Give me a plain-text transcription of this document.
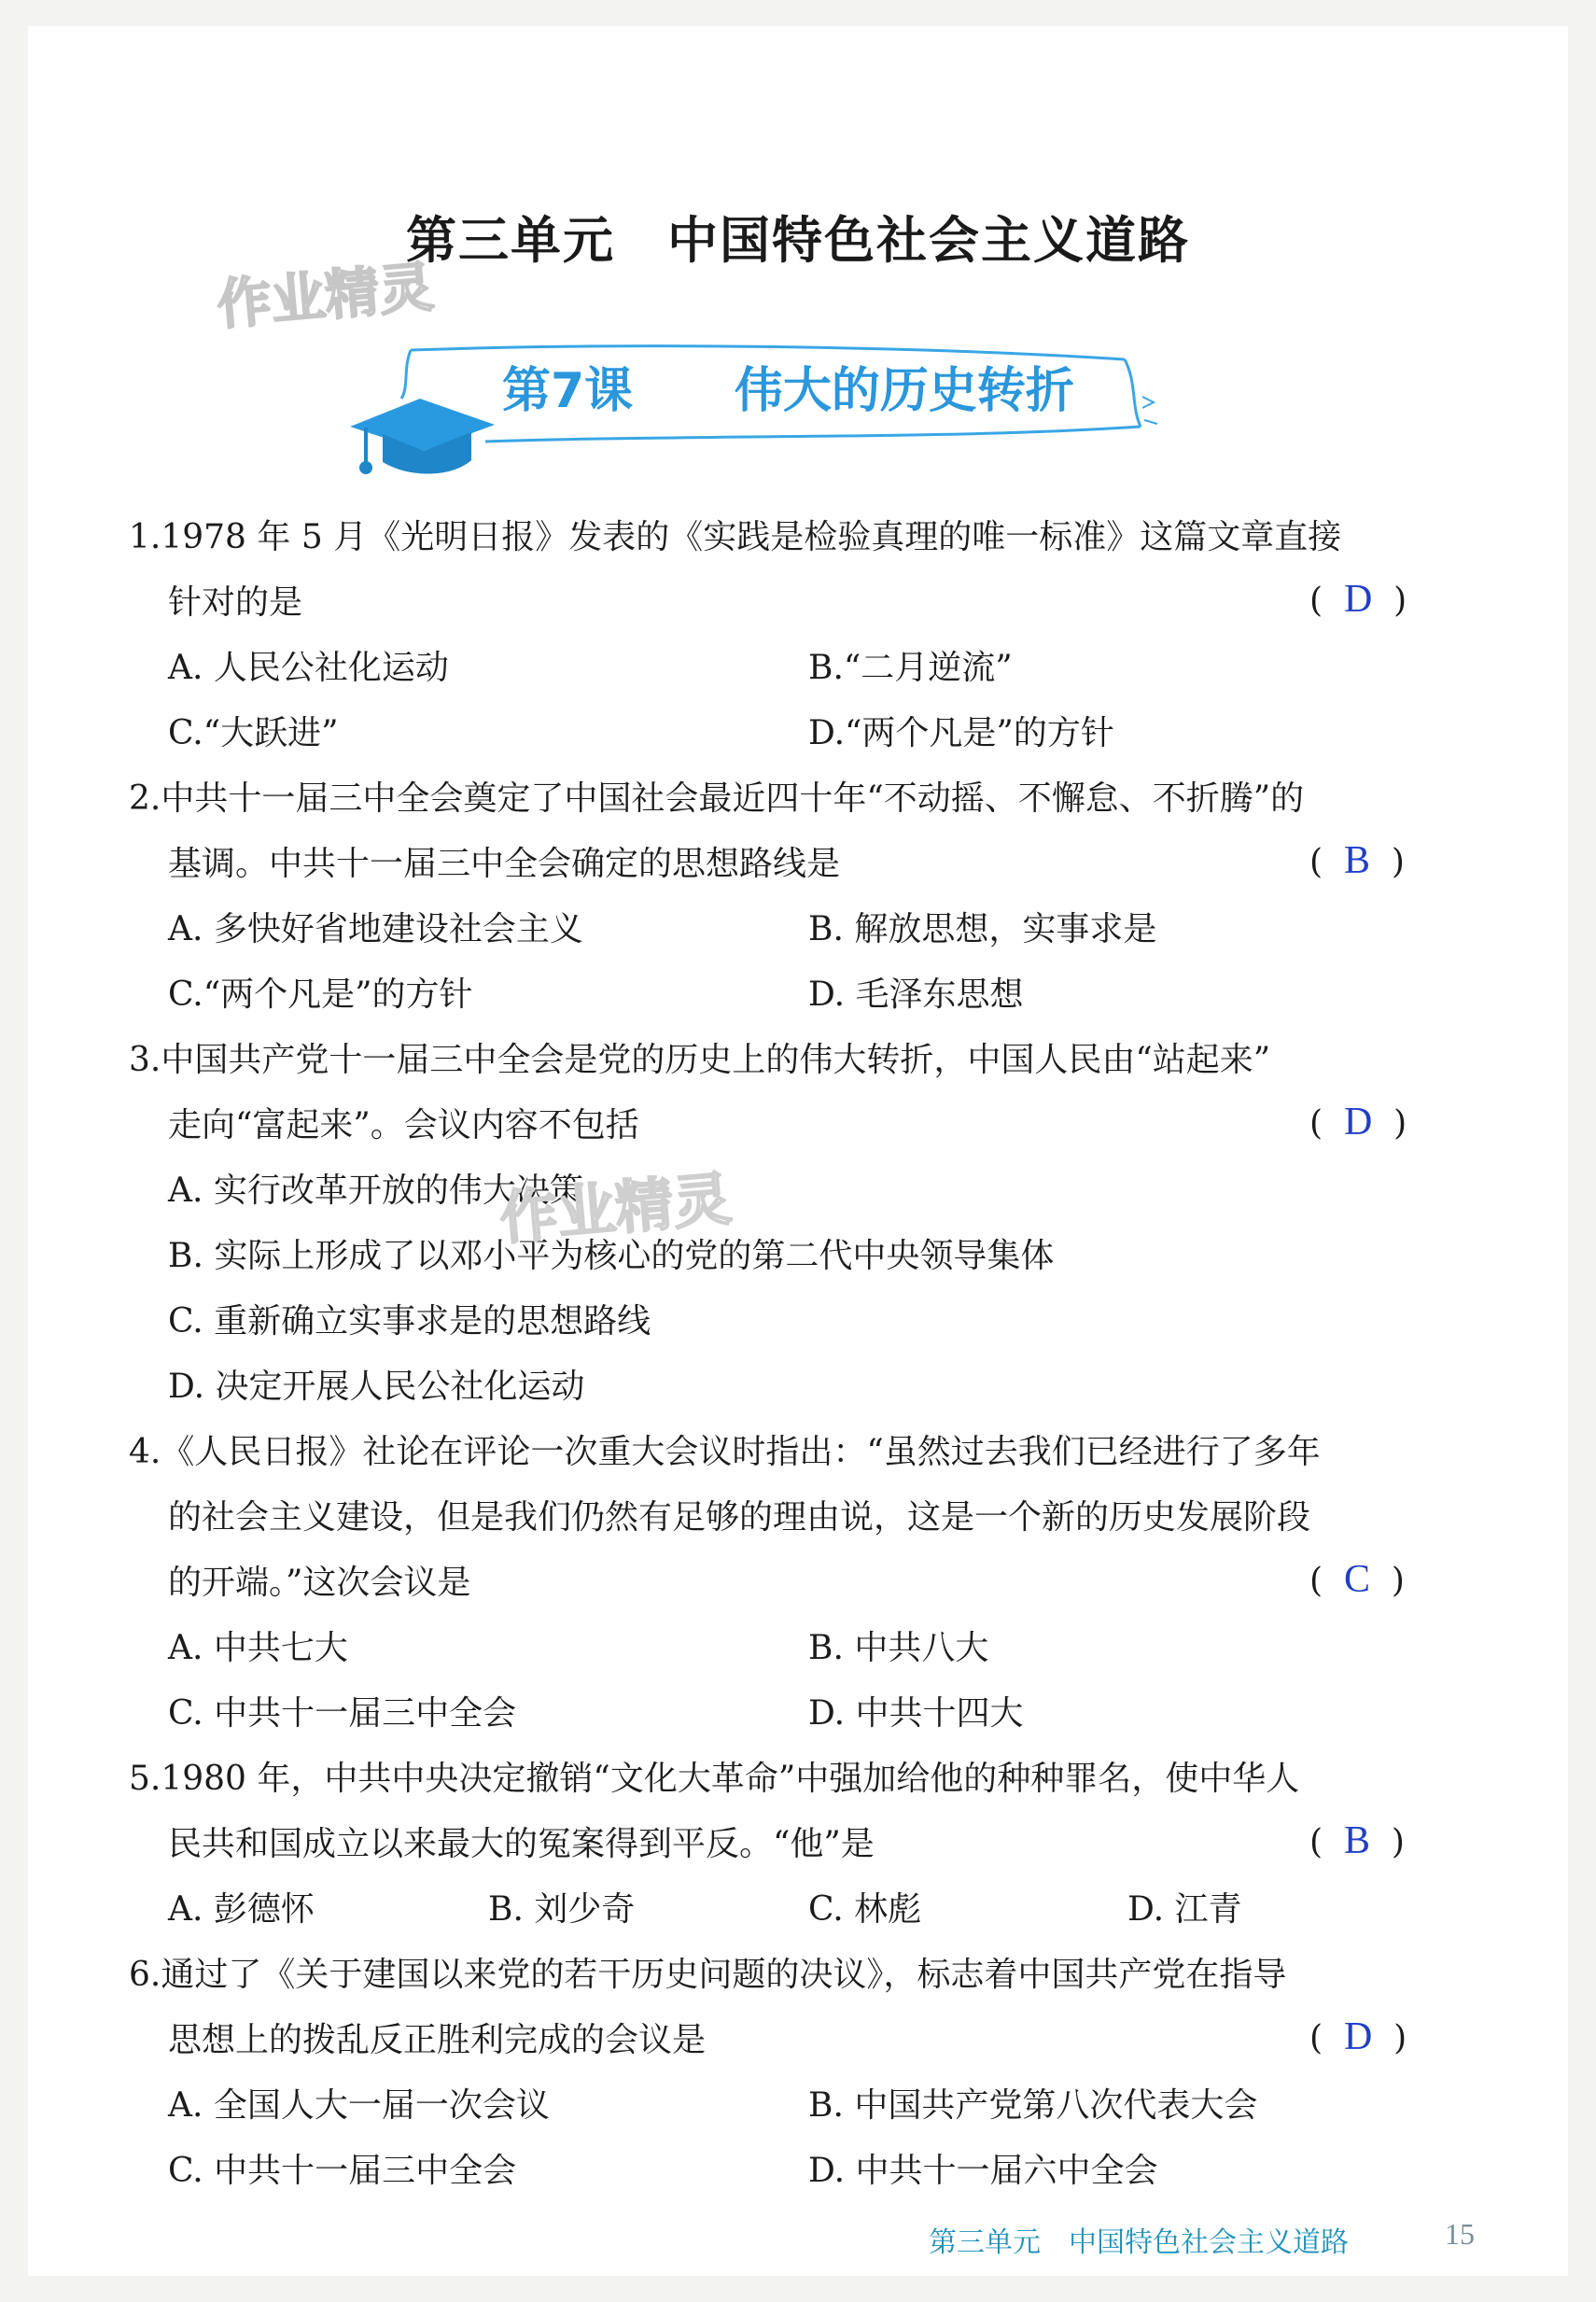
第三单元　中国特色社会主义道路
作业精灵
第7课 伟大的历史转折
1.1978 年 5 月《光明日报》发表的《实践是检验真理的唯一标准》这篇文章直接
针对的是	(  D  )
A. 人民公社化运动	B.“二月逆流”
C.“大跃进”	D.“两个凡是”的方针
2.中共十一届三中全会奠定了中国社会最近四十年“不动摇、不懈怠、不折腾”的
基调。中共十一届三中全会确定的思想路线是	(  B  )
A. 多快好省地建设社会主义	B. 解放思想，实事求是
C.“两个凡是”的方针	D. 毛泽东思想
3.中国共产党十一届三中全会是党的历史上的伟大转折，中国人民由“站起来”
走向“富起来”。会议内容不包括	(  D  )
A. 实行改革开放的伟大决策
B. 实际上形成了以邓小平为核心的党的第二代中央领导集体
C. 重新确立实事求是的思想路线
D. 决定开展人民公社化运动
4.《人民日报》社论在评论一次重大会议时指出：“虽然过去我们已经进行了多年
的社会主义建设，但是我们仍然有足够的理由说，这是一个新的历史发展阶段
的开端。”这次会议是	(  C  )
A. 中共七大	B. 中共八大
C. 中共十一届三中全会	D. 中共十四大
5.1980 年，中共中央决定撤销“文化大革命”中强加给他的种种罪名，使中华人
民共和国成立以来最大的冤案得到平反。“他”是	(  B  )
A. 彭德怀	B. 刘少奇	C. 林彪	D. 江青
6.通过了《关于建国以来党的若干历史问题的决议》，标志着中国共产党在指导
思想上的拨乱反正胜利完成的会议是	(  D  )
A. 全国人大一届一次会议	B. 中国共产党第八次代表大会
C. 中共十一届三中全会	D. 中共十一届六中全会
作业精灵
第三单元　中国特色社会主义道路	15
